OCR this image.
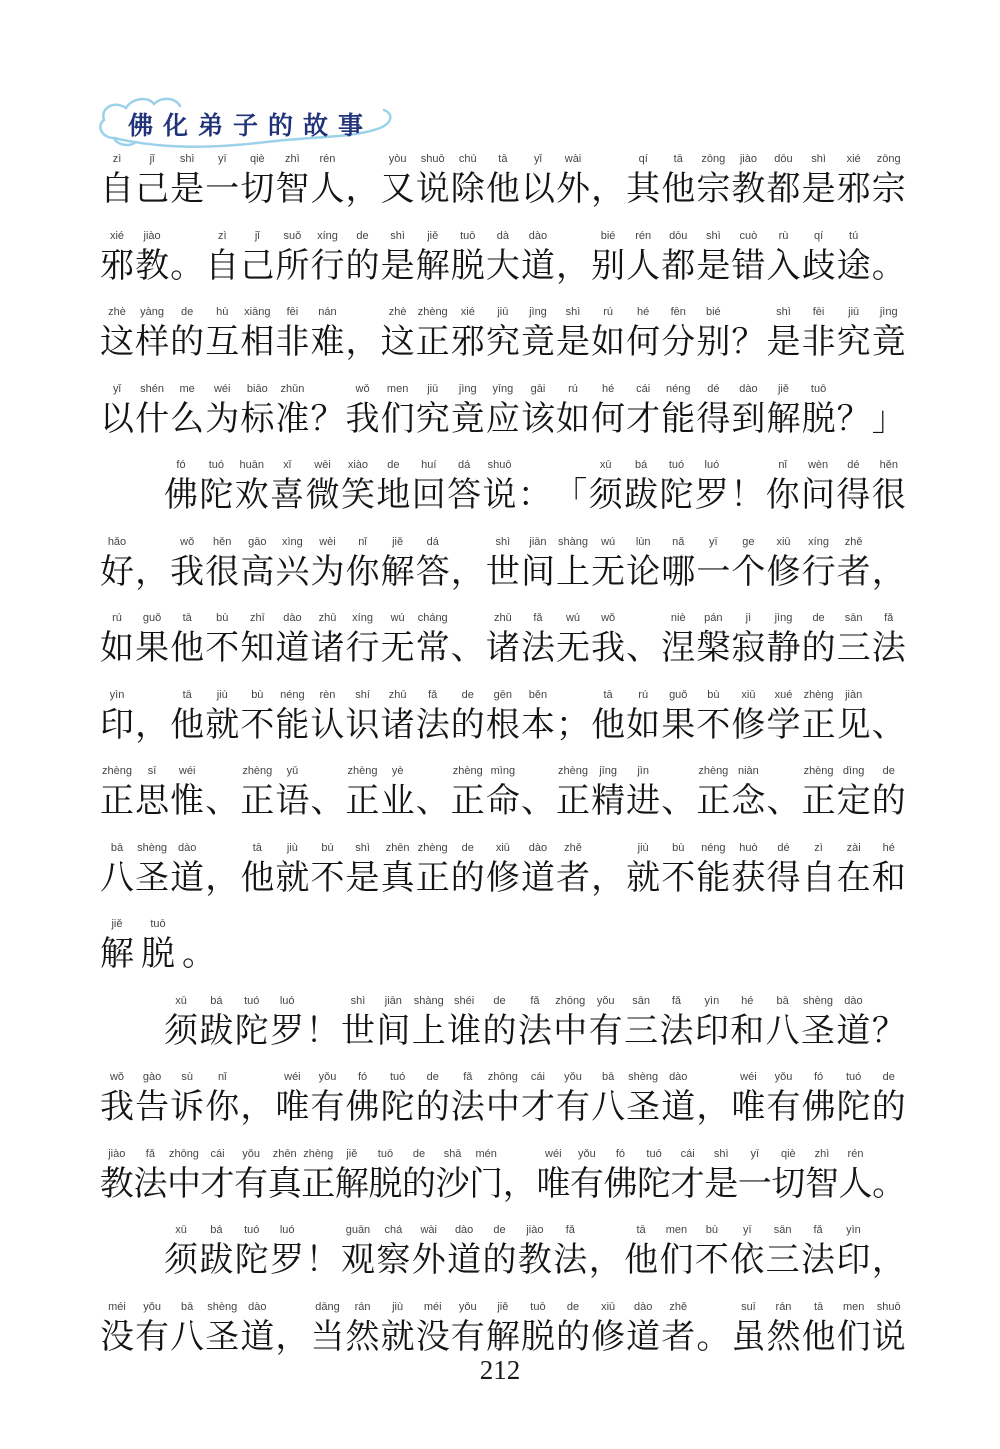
佛化弟子的故事
zì
自
jǐ
己
shì
是
yī
一
qiè
切
zhì
智
rén
人 ，
yòu
又
shuō
说
chú
除
tā
他
yǐ
以
wài
外 ，
qí
其
tā
他
zōng
宗
jiào
教
dōu
都
shì
是
xié
邪
zōng
宗
xié
邪
jiào
教 。
zì
自
jǐ
己
suǒ
所
xíng
行
de
的
shì
是
jiě
解
tuō
脱
dà
大
dào
道 ，
bié
别
rén
人
dōu
都
shì
是
cuò
错
rù
入
qí
歧
tú
途 。
zhè
这
yàng
样
de
的
hù
互
xiāng
相
fēi
非
nán
难 ，
zhè
这
zhèng
正
xié
邪
jiū
究
jìng
竟
shì
是
rú
如
hé
何
fēn
分
bié
别 ？
shì
是
fēi
非
jiū
究
jìng
竟
yǐ
以
shén
什
me
么
wéi
为
biāo
标
zhǔn
准 ？
wǒ
我
men
们
jiū
究
jìng
竟
yīng
应
gāi
该
rú
如
hé
何
cái
才
néng
能
dé
得
dào
到
jiě
解
tuō
脱 ？ 」
fó
佛
tuó
陀
huān
欢
xǐ
喜
wēi
微
xiào
笑
de
地
huí
回
dá
答
shuō
说 ： 「
xū
须
bá
跋
tuó
陀
luó
罗 ！
nǐ
你
wèn
问
dé
得
hěn
很
hǎo
好 ，
wǒ
我
hěn
很
gāo
高
xìng
兴
wèi
为
nǐ
你
jiě
解
dá
答 ，
shì
世
jiān
间
shàng
上
wú
无
lùn
论
nǎ
哪
yī
一
ge
个
xiū
修
xíng
行
zhě
者 ，
rú
如
guǒ
果
tā
他
bù
不
zhī
知
dào
道
zhū
诸
xíng
行
wú
无
cháng
常 、
zhū
诸
fǎ
法
wú
无
wǒ
我 、
niè
涅
pán
槃
jì
寂
jìng
静
de
的
sān
三
fǎ
法
yìn
印 ，
tā
他
jiù
就
bù
不
néng
能
rèn
认
shí
识
zhū
诸
fǎ
法
de
的
gēn
根
běn
本 ；
tā
他
rú
如
guǒ
果
bù
不
xiū
修
xué
学
zhèng
正
jiàn
见 、
zhèng
正
sī
思
wéi
惟 、
zhèng
正
yǔ
语 、
zhèng
正
yè
业 、
zhèng
正
mìng
命 、
zhèng
正
jīng
精
jìn
进 、
zhèng
正
niàn
念 、
zhèng
正
dìng
定
de
的
bā
八
shèng
圣
dào
道 ，
tā
他
jiù
就
bú
不
shì
是
zhēn
真
zhèng
正
de
的
xiū
修
dào
道
zhě
者 ，
jiù
就
bù
不
néng
能
huò
获
dé
得
zì
自
zài
在
hé
和
jiě
解
tuō
脱 。
xū
须
bá
跋
tuó
陀
luó
罗 ！
shì
世
jiān
间
shàng
上
shéi
谁
de
的
fǎ
法
zhōng
中
yǒu
有
sān
三
fǎ
法
yìn
印
hé
和
bā
八
shèng
圣
dào
道 ？
wǒ
我
gào
告
sù
诉
nǐ
你 ，
wéi
唯
yǒu
有
fó
佛
tuó
陀
de
的
fǎ
法
zhōng
中
cái
才
yǒu
有
bā
八
shèng
圣
dào
道 ，
wéi
唯
yǒu
有
fó
佛
tuó
陀
de
的
jiào
教
fǎ
法
zhōng
中
cái
才
yǒu
有
zhēn
真
zhèng
正
jiě
解
tuō
脱
de
的
shā
沙
mén
门 ，
wéi
唯
yǒu
有
fó
佛
tuó
陀
cái
才
shì
是
yī
一
qiè
切
zhì
智
rén
人 。
xū
须
bá
跋
tuó
陀
luó
罗 ！
guān
观
chá
察
wài
外
dào
道
de
的
jiào
教
fǎ
法 ，
tā
他
men
们
bù
不
yī
依
sān
三
fǎ
法
yìn
印 ，
méi
没
yǒu
有
bā
八
shèng
圣
dào
道 ，
dāng
当
rán
然
jiù
就
méi
没
yǒu
有
jiě
解
tuō
脱
de
的
xiū
修
dào
道
zhě
者 。
suī
虽
rán
然
tā
他
men
们
shuō
说
212
